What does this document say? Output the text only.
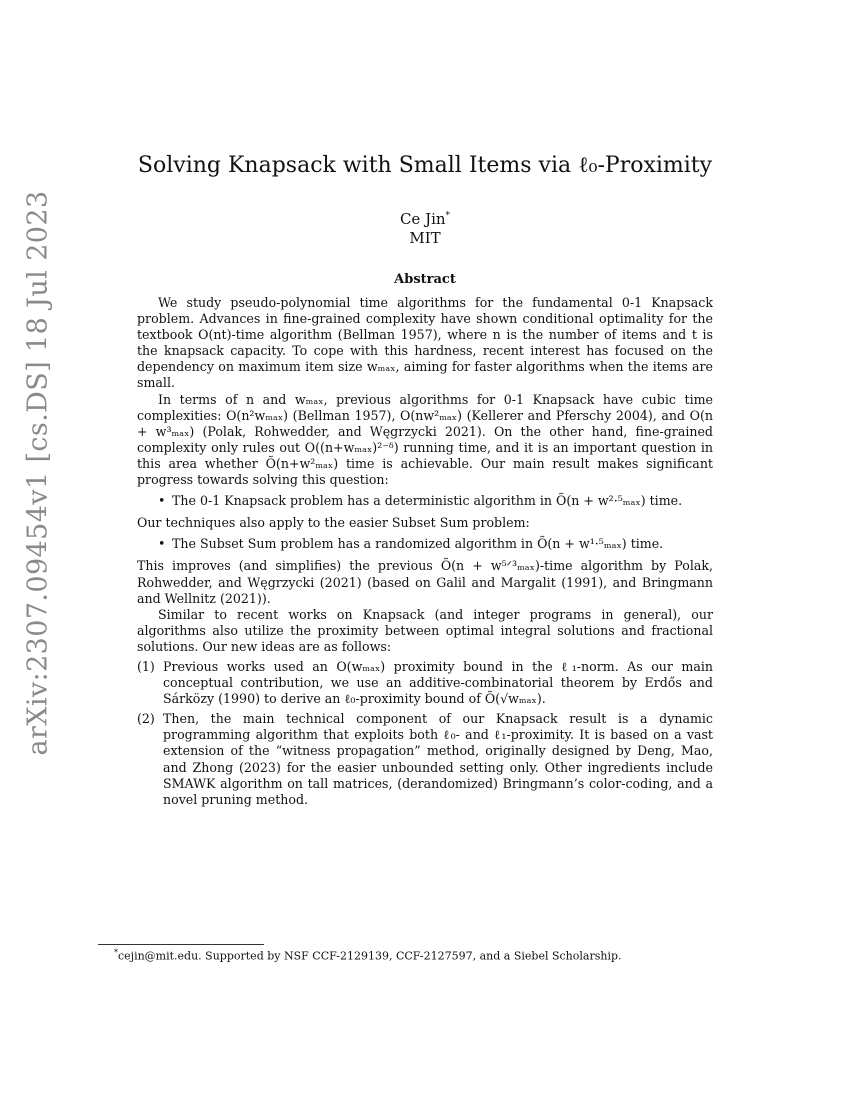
arXiv:2307.09454v1 [cs.DS] 18 Jul 2023
Solving Knapsack with Small Items via ℓ₀-Proximity
Ce Jin*
MIT
Abstract

We study pseudo-polynomial time algorithms for the fundamental 0-1 Knapsack problem. Advances in fine-grained complexity have shown conditional optimality for the textbook O(nt)-time algorithm (Bellman 1957), where n is the number of items and t is the knapsack capacity. To cope with this hardness, recent interest has focused on the dependency on maximum item size wₘₐₓ, aiming for faster algorithms when the items are small.

In terms of n and wₘₐₓ, previous algorithms for 0-1 Knapsack have cubic time complexities: O(n²wₘₐₓ) (Bellman 1957), O(nw²ₘₐₓ) (Kellerer and Pferschy 2004), and O(n + w³ₘₐₓ) (Polak, Rohwedder, and Węgrzycki 2021). On the other hand, fine-grained complexity only rules out O((n+wₘₐₓ)²⁻ᵟ) running time, and it is an important question in this area whether Õ(n+w²ₘₐₓ) time is achievable. Our main result makes significant progress towards solving this question:

• The 0-1 Knapsack problem has a deterministic algorithm in Õ(n + w²·⁵ₘₐₓ) time.

Our techniques also apply to the easier Subset Sum problem:

• The Subset Sum problem has a randomized algorithm in Õ(n + w¹·⁵ₘₐₓ) time.

This improves (and simplifies) the previous Õ(n + w⁵ᐟ³ₘₐₓ)-time algorithm by Polak, Rohwedder, and Węgrzycki (2021) (based on Galil and Margalit (1991), and Bringmann and Wellnitz (2021)).

Similar to recent works on Knapsack (and integer programs in general), our algorithms also utilize the proximity between optimal integral solutions and fractional solutions. Our new ideas are as follows:

(1) Previous works used an O(wₘₐₓ) proximity bound in the ℓ₁-norm. As our main conceptual contribution, we use an additive-combinatorial theorem by Erdős and Sárközy (1990) to derive an ℓ₀-proximity bound of Õ(√wₘₐₓ).
(2) Then, the main technical component of our Knapsack result is a dynamic programming algorithm that exploits both ℓ₀- and ℓ₁-proximity. It is based on a vast extension of the “witness propagation” method, originally designed by Deng, Mao, and Zhong (2023) for the easier unbounded setting only. Other ingredients include SMAWK algorithm on tall matrices, (derandomized) Bringmann’s color-coding, and a novel pruning method.
*cejin@mit.edu. Supported by NSF CCF-2129139, CCF-2127597, and a Siebel Scholarship.
